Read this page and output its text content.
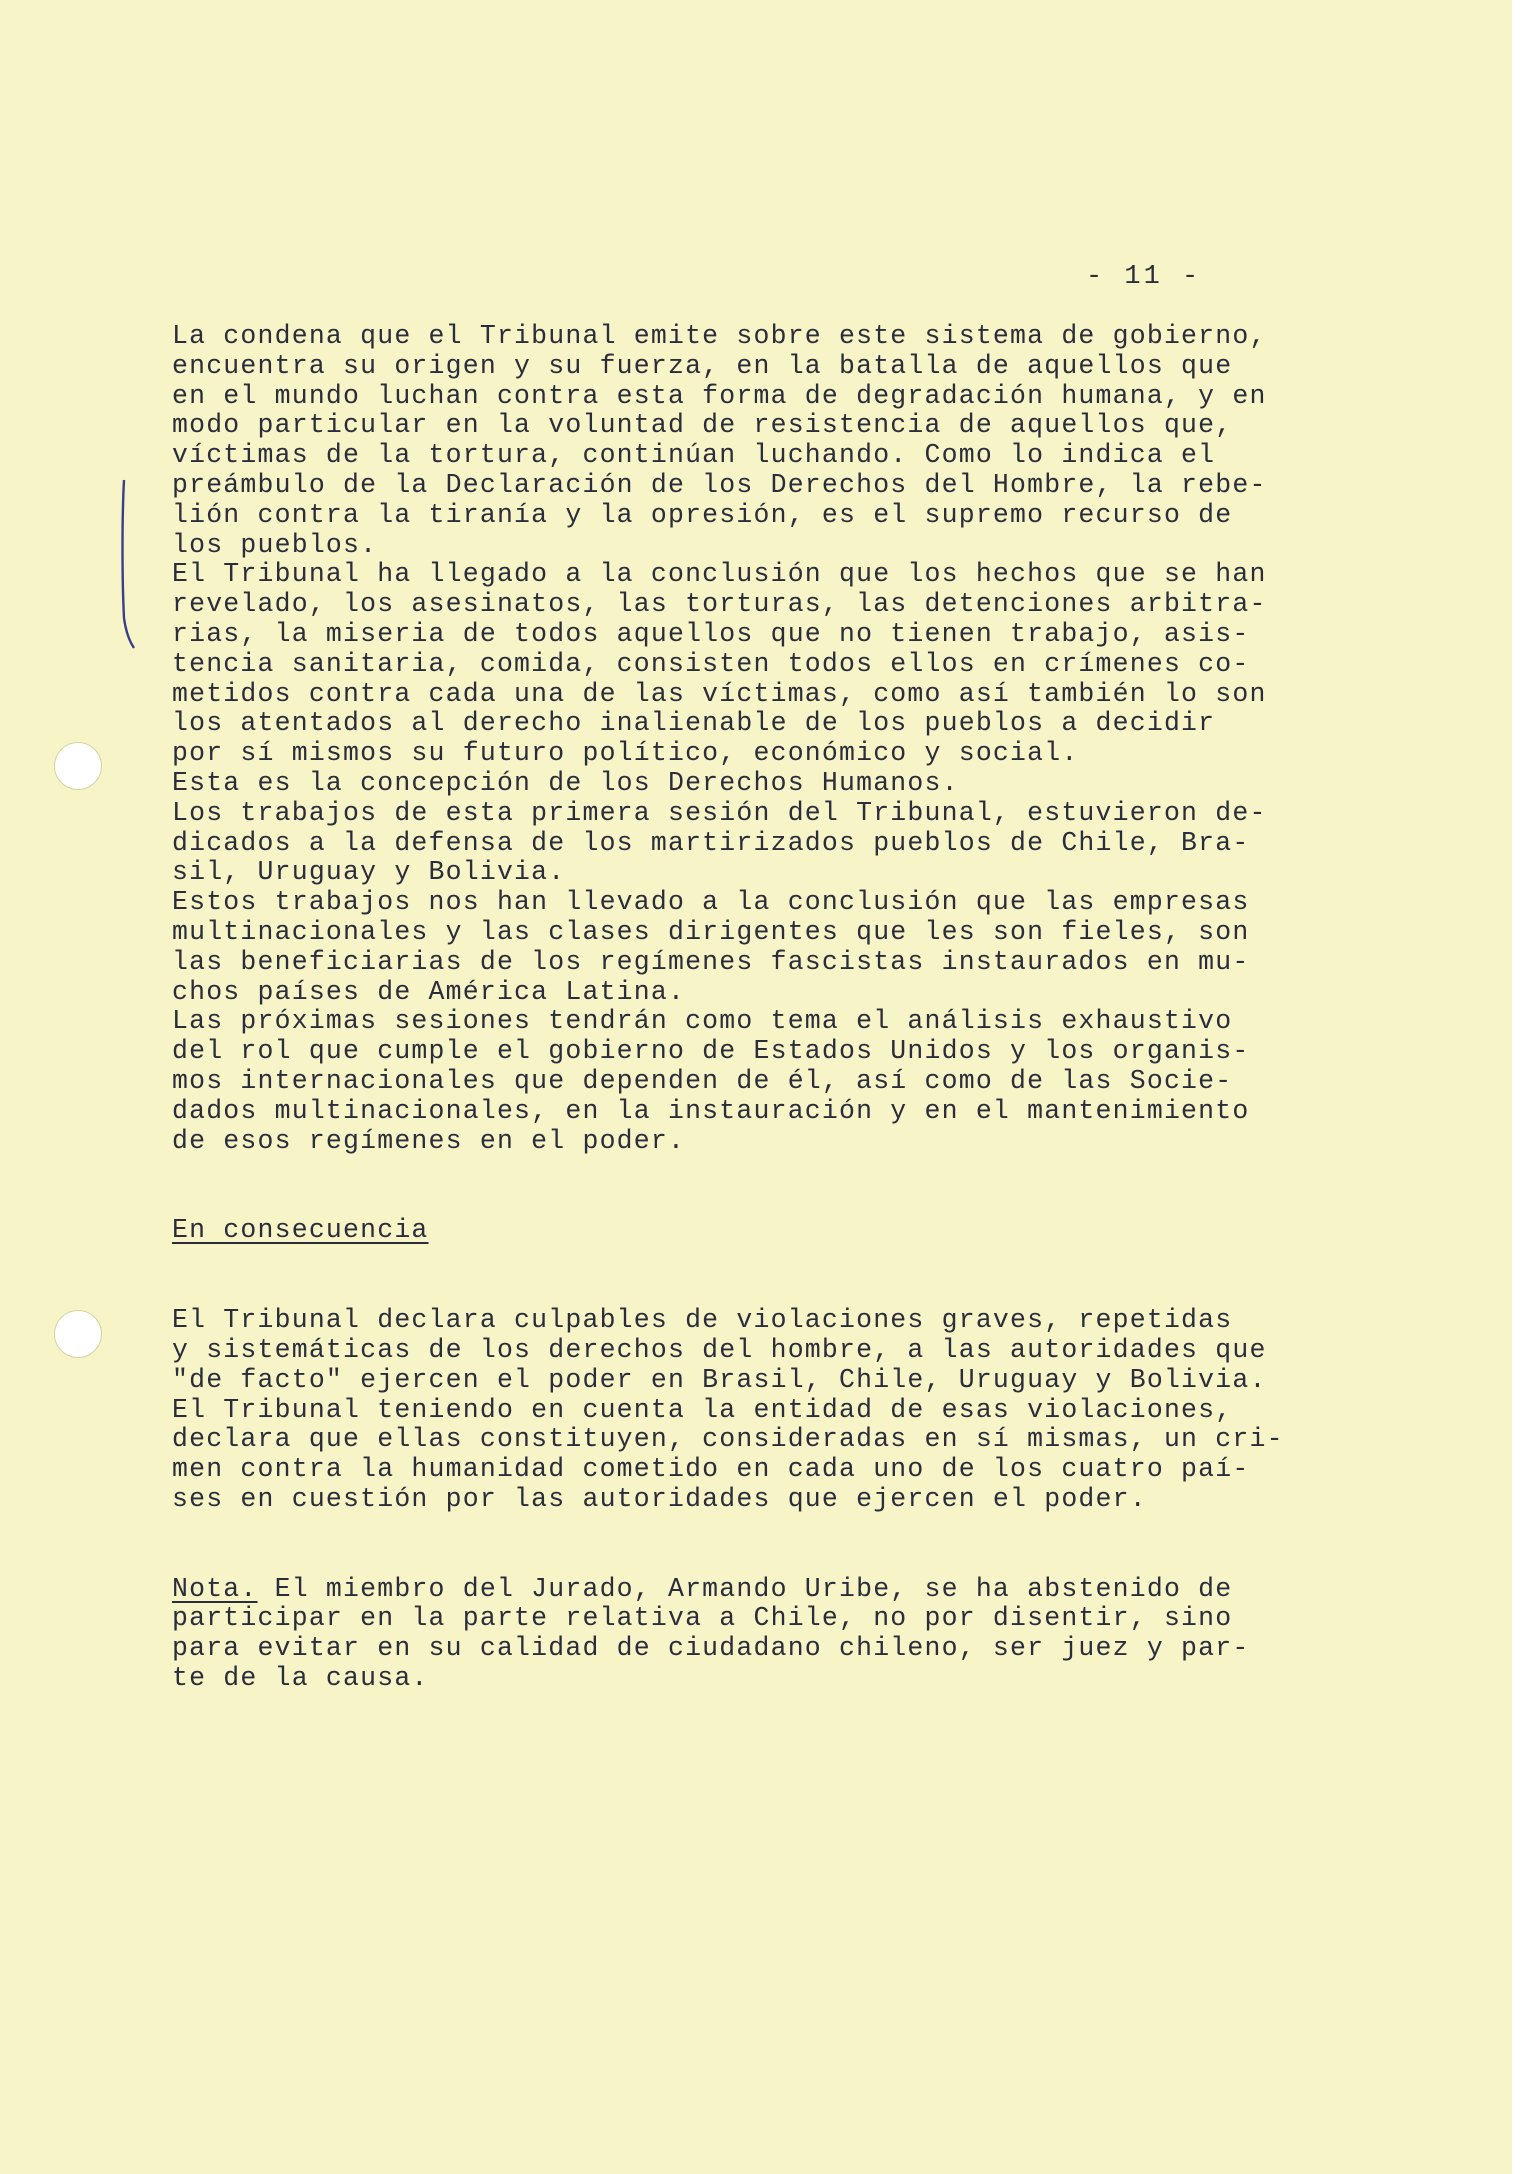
- 11 -
La condena que el Tribunal emite sobre este sistema de gobierno,
encuentra su origen y su fuerza, en la batalla de aquellos que
en el mundo luchan contra esta forma de degradación humana, y en
modo particular en la voluntad de resistencia de aquellos que,
víctimas de la tortura, continúan luchando. Como lo indica el
preámbulo de la Declaración de los Derechos del Hombre, la rebe-
lión contra la tiranía y la opresión, es el supremo recurso de
los pueblos.
El Tribunal ha llegado a la conclusión que los hechos que se han
revelado, los asesinatos, las torturas, las detenciones arbitra-
rias, la miseria de todos aquellos que no tienen trabajo, asis-
tencia sanitaria, comida, consisten todos ellos en crímenes co-
metidos contra cada una de las víctimas, como así también lo son
los atentados al derecho inalienable de los pueblos a decidir
por sí mismos su futuro político, económico y social.
Esta es la concepción de los Derechos Humanos.
Los trabajos de esta primera sesión del Tribunal, estuvieron de-
dicados a la defensa de los martirizados pueblos de Chile, Bra-
sil, Uruguay y Bolivia.
Estos trabajos nos han llevado a la conclusión que las empresas
multinacionales y las clases dirigentes que les son fieles, son
las beneficiarias de los regímenes fascistas instaurados en mu-
chos países de América Latina.
Las próximas sesiones tendrán como tema el análisis exhaustivo
del rol que cumple el gobierno de Estados Unidos y los organis-
mos internacionales que dependen de él, así como de las Socie-
dados multinacionales, en la instauración y en el mantenimiento
de esos regímenes en el poder.
En consecuencia
El Tribunal declara culpables de violaciones graves, repetidas
y sistemáticas de los derechos del hombre, a las autoridades que
"de facto" ejercen el poder en Brasil, Chile, Uruguay y Bolivia.
El Tribunal teniendo en cuenta la entidad de esas violaciones,
declara que ellas constituyen, consideradas en sí mismas, un cri-
men contra la humanidad cometido en cada uno de los cuatro paí-
ses en cuestión por las autoridades que ejercen el poder.
Nota. El miembro del Jurado, Armando Uribe, se ha abstenido de
participar en la parte relativa a Chile, no por disentir, sino
para evitar en su calidad de ciudadano chileno, ser juez y par-
te de la causa.
